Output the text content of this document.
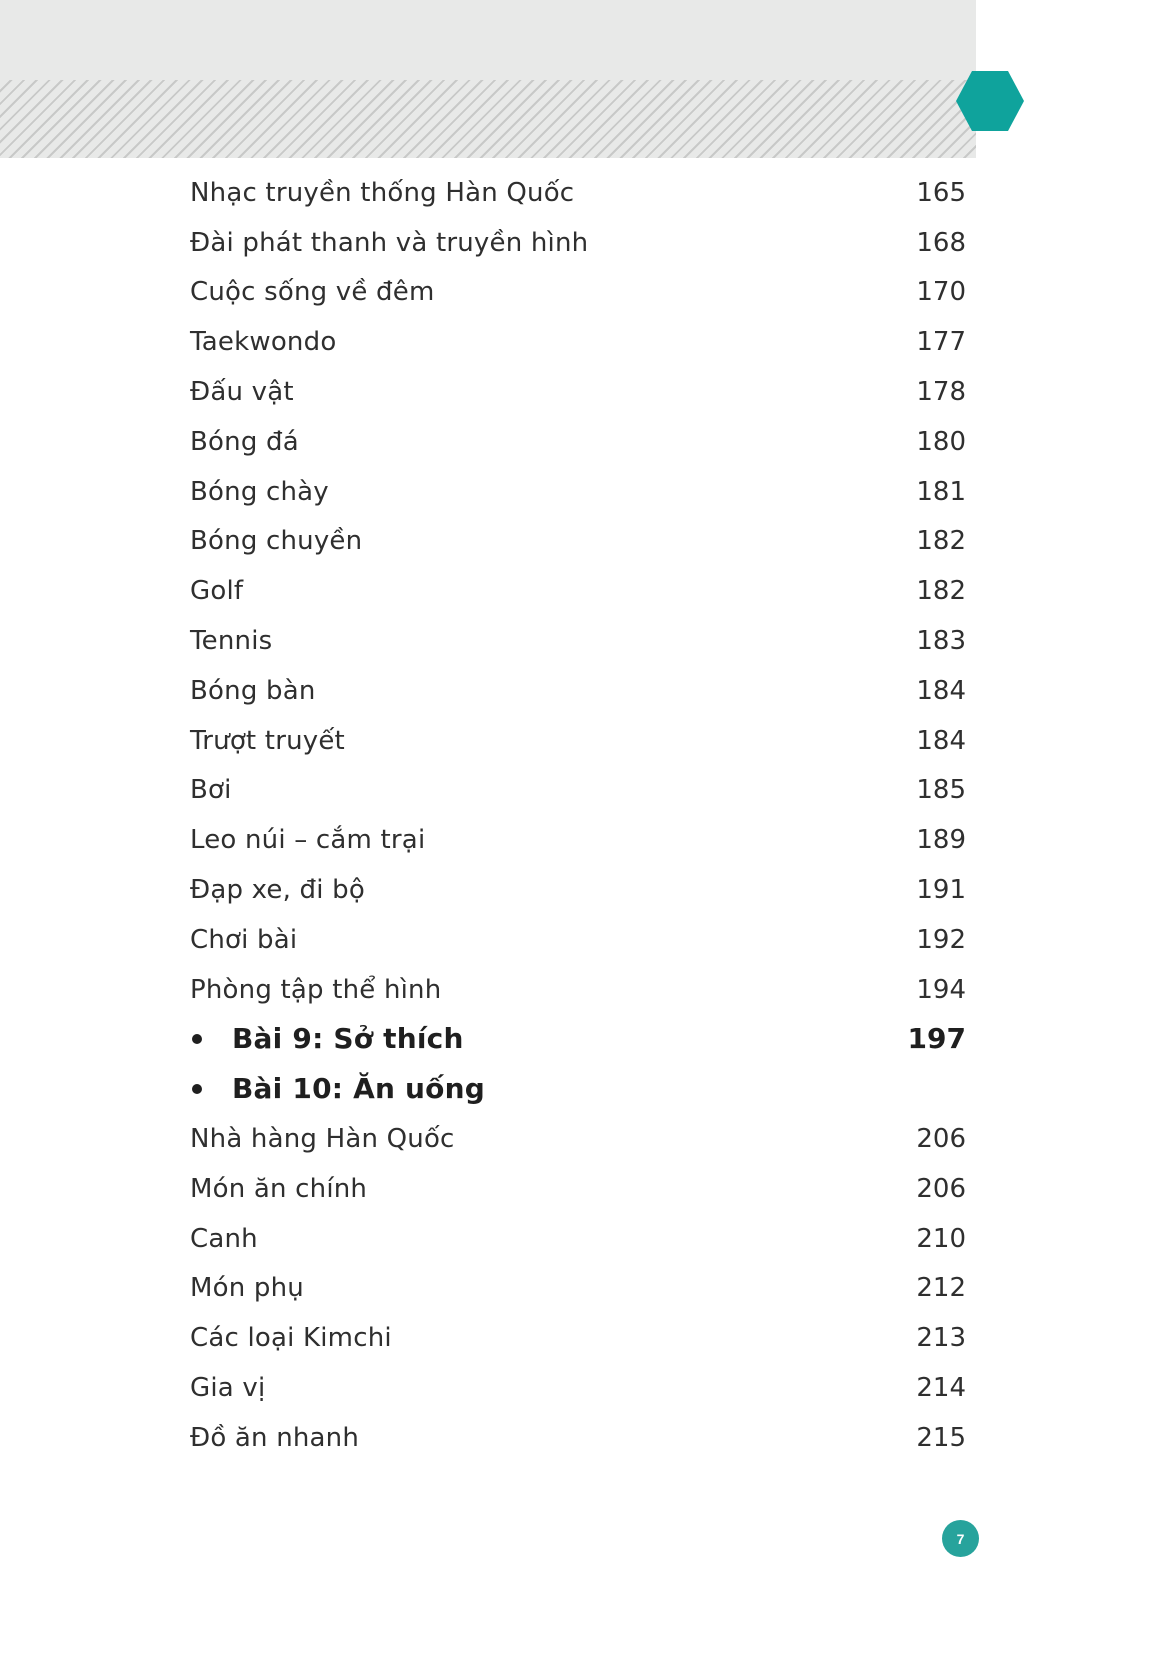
Nhạc truyền thống Hàn Quốc	165
Đài phát thanh và truyền hình	168
Cuộc sống về đêm	170
Taekwondo	177
Đấu vật	178
Bóng đá	180
Bóng chày	181
Bóng chuyền	182
Golf	182
Tennis	183
Bóng bàn	184
Trượt truyết	184
Bơi	185
Leo núi – cắm trại	189
Đạp xe, đi bộ	191
Chơi bài	192
Phòng tập thể hình	194
Bài 9: Sở thích	197
Bài 10: Ăn uống
Nhà hàng Hàn Quốc	206
Món ăn chính	206
Canh	210
Món phụ	212
Các loại Kimchi	213
Gia vị	214
Đồ ăn nhanh	215
7
